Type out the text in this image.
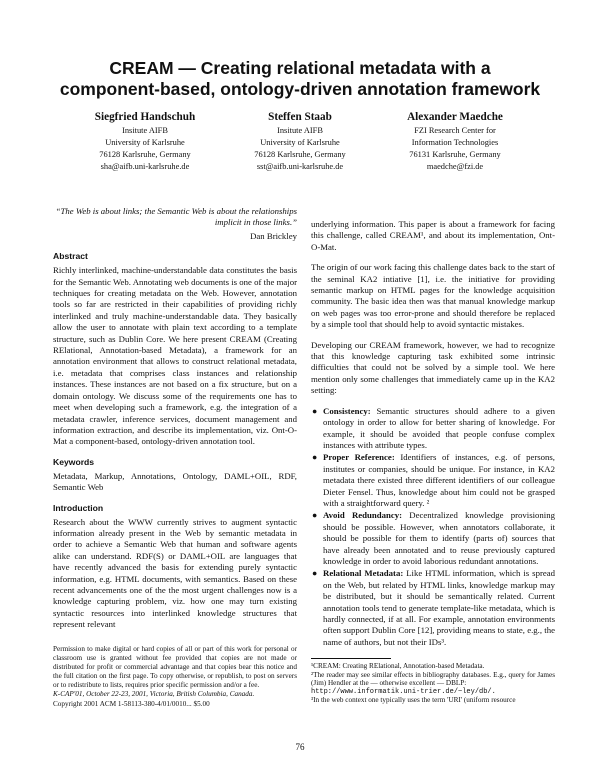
CREAM — Creating relational metadata with a
component-based, ontology-driven annotation framework
Siegfried Handschuh
Insitute AIFB
University of Karlsruhe
76128 Karlsruhe, Germany
sha@aifb.uni-karlsruhe.de
Steffen Staab
Insitute AIFB
University of Karlsruhe
76128 Karlsruhe, Germany
sst@aifb.uni-karlsruhe.de
Alexander Maedche
FZI Research Center for
Information Technologies
76131 Karlsruhe, Germany
maedche@fzi.de

“The Web is about links; the Semantic Web is about the relationships implicit in those links.”

Dan Brickley

Abstract

Richly interlinked, machine-understandable data constitutes the basis for the Semantic Web. Annotating web documents is one of the major techniques for creating metadata on the Web. However, annotation tools so far are restricted in their capabilities of providing richly interlinked and truly machine-understandable data. They basically allow the user to annotate with plain text according to a template structure, such as Dublin Core. We here present CREAM (Creating RElational, Annotation-based Metadata), a framework for an annotation environment that allows to construct relational metadata, i.e. metadata that comprises class instances and relationship instances. These instances are not based on a fix structure, but on a domain ontology. We discuss some of the requirements one has to meet when developing such a framework, e.g. the integration of a metadata crawler, inference services, document management and information extraction, and describe its implementation, viz. Ont-O-Mat a component-based, ontology-driven annotation tool.

Keywords

Metadata, Markup, Annotations, Ontology, DAML+OIL, RDF, Semantic Web

Introduction

Research about the WWW currently strives to augment syntactic information already present in the Web by semantic metadata in order to achieve a Semantic Web that human and software agents alike can understand. RDF(S) or DAML+OIL are languages that have recently advanced the basis for extending purely syntactic information, e.g. HTML documents, with semantics. Based on these recent advancements one of the the most urgent challenges now is a knowledge capturing problem, viz. how one may turn existing syntactic resources into interlinked knowledge structures that represent relevant

Permission to make digital or hard copies of all or part of this work for personal or classroom use is granted without fee provided that copies are not made or distributed for profit or commercial advantage and that copies bear this notice and the full citation on the first page. To copy otherwise, or republish, to post on servers or to redistribute to lists, requires prior specific permission and/or a fee.

K-CAP'01, October 22-23, 2001, Victoria, British Columbia, Canada.

Copyright 2001 ACM 1-58113-380-4/01/0010... $5.00

underlying information. This paper is about a framework for facing this challenge, called CREAM¹, and about its implementation, Ont-O-Mat.

The origin of our work facing this challenge dates back to the start of the seminal KA2 intiative [1], i.e. the initiative for providing semantic markup on HTML pages for the knowledge acquisition community. The basic idea then was that manual knowledge markup on web pages was too error-prone and should therefore be replaced by a simple tool that should help to avoid syntactic mistakes.

Developing our CREAM framework, however, we had to recognize that this knowledge capturing task exhibited some intrinsic difficulties that could not be solved by a simple tool. We here mention only some challenges that immediately came up in the KA2 setting:

● Consistency: Semantic structures should adhere to a given ontology in order to allow for better sharing of knowledge. For example, it should be avoided that people confuse complex instances with attribute types.
● Proper Reference: Identifiers of instances, e.g. of persons, institutes or companies, should be unique. For instance, in KA2 metadata there existed three different identifiers of our colleague Dieter Fensel. Thus, knowledge about him could not be grasped with a straightforward query. ²
● Avoid Redundancy: Decentralized knowledge provisioning should be possible. However, when annotators collaborate, it should be possible for them to identify (parts of) sources that have already been annotated and to reuse previously captured knowledge in order to avoid laborious redundant annotations.
● Relational Metadata: Like HTML information, which is spread on the Web, but related by HTML links, knowledge markup may be distributed, but it should be semantically related. Current annotation tools tend to generate template-like metadata, which is hardly connected, if at all. For example, annotation environments often support Dublin Core [12], providing means to state, e.g., the name of authors, but not their IDs³.

¹CREAM: Creating RElational, Annotation-based Metadata.

²The reader may see similar effects in bibliography databases. E.g., query for James (Jim) Hendler at the — otherwise excellent — DBLP:

http://www.informatik.uni-trier.de/~ley/db/.

³In the web context one typically uses the term 'URI' (uniform resource

76
